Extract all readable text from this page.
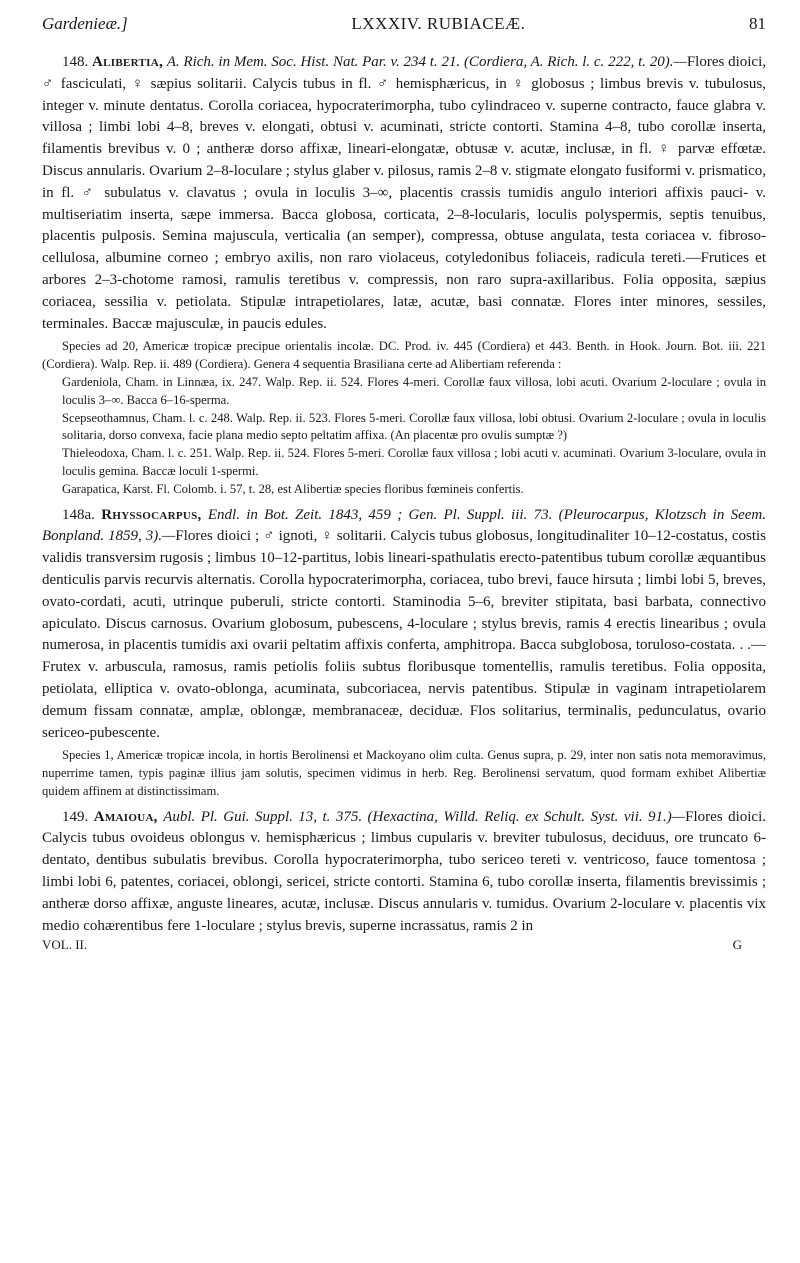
Gardenieæ.]	LXXXIV. RUBIACEÆ.	81

148. Alibertia, A. Rich. in Mem. Soc. Hist. Nat. Par. v. 234 t. 21. (Cordiera, A. Rich. l. c. 222, t. 20).—Flores dioici, ♂ fasciculati, ♀ sæpius solitarii. Calycis tubus in fl. ♂ hemisphæricus, in ♀ globosus ; limbus brevis v. tubulosus, integer v. minute dentatus. Corolla coriacea, hypocraterimorpha, tubo cylindraceo v. superne contracto, fauce glabra v. villosa ; limbi lobi 4–8, breves v. elongati, obtusi v. acuminati, stricte contorti. Stamina 4–8, tubo corollæ inserta, filamentis brevibus v. 0 ; antheræ dorso affixæ, lineari-elongatæ, obtusæ v. acutæ, inclusæ, in fl. ♀ parvæ effœtæ. Discus annularis. Ovarium 2–8-loculare ; stylus glaber v. pilosus, ramis 2–8 v. stigmate elongato fusiformi v. prismatico, in fl. ♂ subulatus v. clavatus ; ovula in loculis 3–∞, placentis crassis tumidis angulo interiori affixis pauci- v. multiseriatim inserta, sæpe immersa. Bacca globosa, corticata, 2–8-locularis, loculis polyspermis, septis tenuibus, placentis pulposis. Semina majuscula, verticalia (an semper), compressa, obtuse angulata, testa coriacea v. fibroso-cellulosa, albumine corneo ; embryo axilis, non raro violaceus, cotyledonibus foliaceis, radicula tereti.—Frutices et arbores 2–3-chotome ramosi, ramulis teretibus v. compressis, non raro supra-axillaribus. Folia opposita, sæpius coriacea, sessilia v. petiolata. Stipulæ intrapetiolares, latæ, acutæ, basi connatæ. Flores inter minores, sessiles, terminales. Baccæ majusculæ, in paucis edules.

Species ad 20, Americæ tropicæ precipue orientalis incolæ. DC. Prod. iv. 445 (Cordiera) et 443. Benth. in Hook. Journ. Bot. iii. 221 (Cordiera). Walp. Rep. ii. 489 (Cordiera). Genera 4 sequentia Brasiliana certe ad Alibertiam referenda :

Gardeniola, Cham. in Linnæa, ix. 247. Walp. Rep. ii. 524. Flores 4-meri. Corollæ faux villosa, lobi acuti. Ovarium 2-loculare ; ovula in loculis 3–∞. Bacca 6–16-sperma.

Scepseothamnus, Cham. l. c. 248. Walp. Rep. ii. 523. Flores 5-meri. Corollæ faux villosa, lobi obtusi. Ovarium 2-loculare ; ovula in loculis solitaria, dorso convexa, facie plana medio septo peltatim affixa. (An placentæ pro ovulis sumptæ ?)

Thieleodoxa, Cham. l. c. 251. Walp. Rep. ii. 524. Flores 5-meri. Corollæ faux villosa ; lobi acuti v. acuminati. Ovarium 3-loculare, ovula in loculis gemina. Baccæ loculi 1-spermi.

Garapatica, Karst. Fl. Colomb. i. 57, t. 28, est Alibertiæ species floribus fœmineis confertis.

148a. Rhyssocarpus, Endl. in Bot. Zeit. 1843, 459 ; Gen. Pl. Suppl. iii. 73. (Pleurocarpus, Klotzsch in Seem. Bonpland. 1859, 3).—Flores dioici ; ♂ ignoti, ♀ solitarii. Calycis tubus globosus, longitudinaliter 10–12-costatus, costis validis transversim rugosis ; limbus 10–12-partitus, lobis lineari-spathulatis erecto-patentibus tubum corollæ æquantibus denticulis parvis recurvis alternatis. Corolla hypocraterimorpha, coriacea, tubo brevi, fauce hirsuta ; limbi lobi 5, breves, ovato-cordati, acuti, utrinque puberuli, stricte contorti. Staminodia 5–6, breviter stipitata, basi barbata, connectivo apiculato. Discus carnosus. Ovarium globosum, pubescens, 4-loculare ; stylus brevis, ramis 4 erectis linearibus ; ovula numerosa, in placentis tumidis axi ovarii peltatim affixis conferta, amphitropa. Bacca subglobosa, toruloso-costata. . .—Frutex v. arbuscula, ramosus, ramis petiolis foliis subtus floribusque tomentellis, ramulis teretibus. Folia opposita, petiolata, elliptica v. ovato-oblonga, acuminata, subcoriacea, nervis patentibus. Stipulæ in vaginam intrapetiolarem demum fissam connatæ, amplæ, oblongæ, membranaceæ, deciduæ. Flos solitarius, terminalis, pedunculatus, ovario sericeo-pubescente.

Species 1, Americæ tropicæ incola, in hortis Berolinensi et Mackoyano olim culta. Genus supra, p. 29, inter non satis nota memoravimus, nuperrime tamen, typis paginæ illius jam solutis, specimen vidimus in herb. Reg. Berolinensi servatum, quod formam exhibet Alibertiæ quidem affinem at distinctissimam.

149. Amaioua, Aubl. Pl. Gui. Suppl. 13, t. 375. (Hexactina, Willd. Reliq. ex Schult. Syst. vii. 91.)—Flores dioici. Calycis tubus ovoideus oblongus v. hemisphæricus ; limbus cupularis v. breviter tubulosus, deciduus, ore truncato 6-dentato, dentibus subulatis brevibus. Corolla hypocraterimorpha, tubo sericeo tereti v. ventricoso, fauce tomentosa ; limbi lobi 6, patentes, coriacei, oblongi, sericei, stricte contorti. Stamina 6, tubo corollæ inserta, filamentis brevissimis ; antheræ dorso affixæ, anguste lineares, acutæ, inclusæ. Discus annularis v. tumidus. Ovarium 2-loculare v. placentis vix medio cohærentibus fere 1-loculare ; stylus brevis, superne incrassatus, ramis 2 in

VOL. II.	G
